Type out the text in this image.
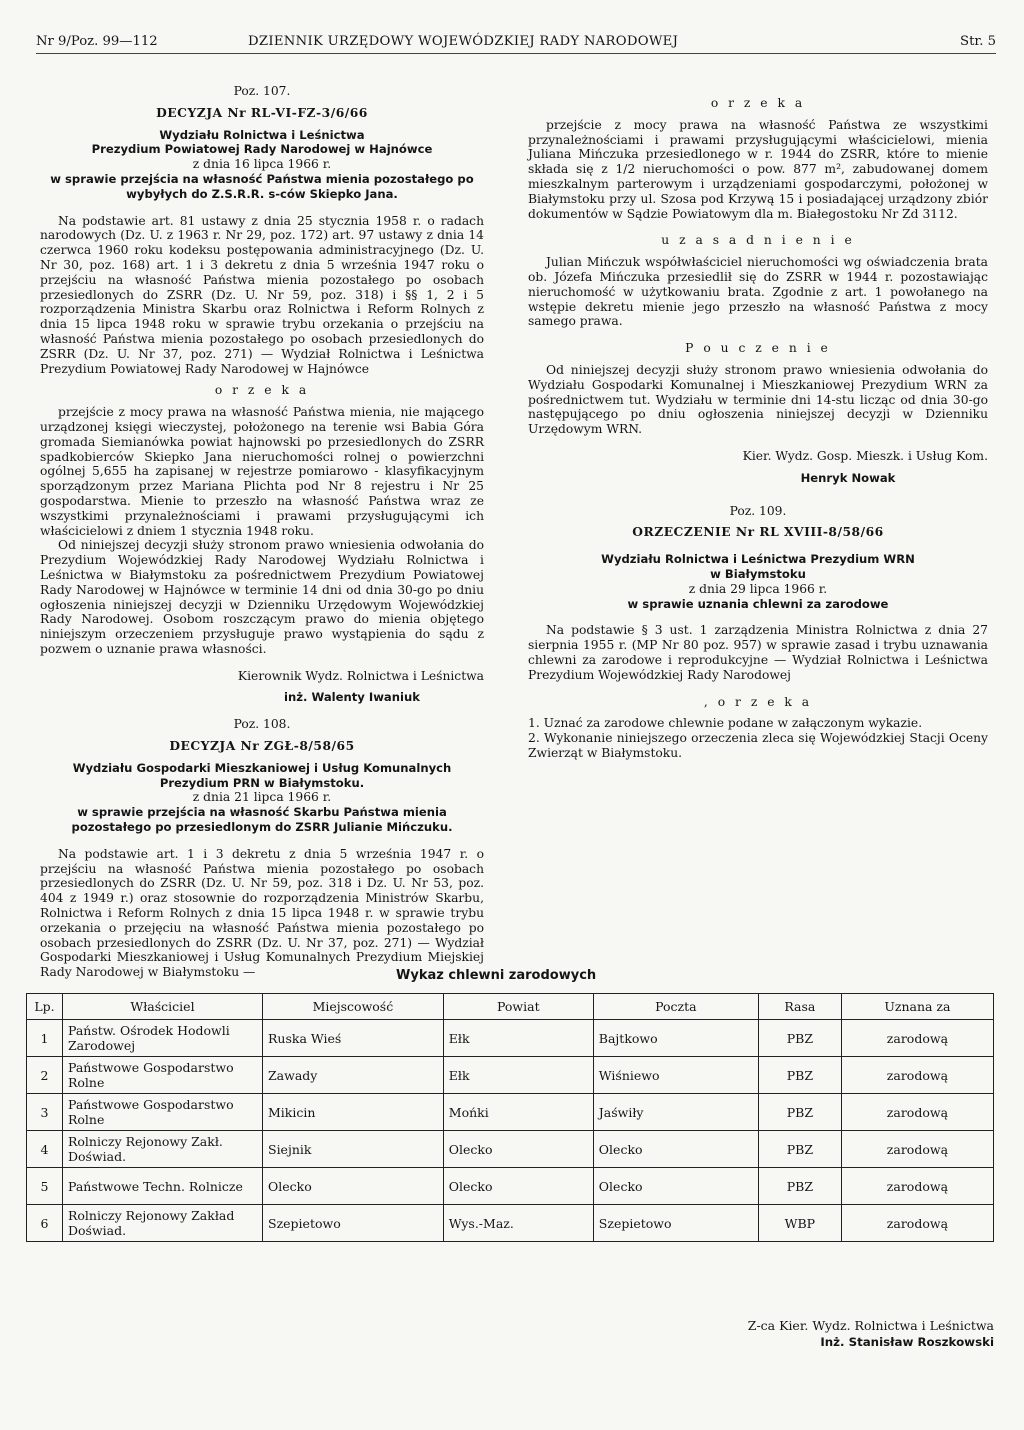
Nr 9/Poz. 99—112	DZIENNIK URZĘDOWY WOJEWÓDZKIEJ RADY NARODOWEJ	Str. 5

Poz. 107.

DECYZJA Nr RL-VI-FZ-3/6/66

Wydziału Rolnictwa i Leśnictwa

Prezydium Powiatowej Rady Narodowej w Hajnówce

z dnia 16 lipca 1966 r.

w sprawie przejścia na własność Państwa mienia pozostałego po wybyłych do Z.S.R.R. s-ców Skiepko Jana.

Na podstawie art. 81 ustawy z dnia 25 stycznia 1958 r. o radach narodowych (Dz. U. z 1963 r. Nr 29, poz. 172) art. 97 ustawy z dnia 14 czerwca 1960 roku kodeksu postępowania administracyjnego (Dz. U. Nr 30, poz. 168) art. 1 i 3 dekretu z dnia 5 września 1947 roku o przejściu na własność Państwa mienia pozostałego po osobach przesiedlonych do ZSRR (Dz. U. Nr 59, poz. 318) i §§ 1, 2 i 5 rozporządzenia Ministra Skarbu oraz Rolnictwa i Reform Rolnych z dnia 15 lipca 1948 roku w sprawie trybu orzekania o przejściu na własność Państwa mienia pozostałego po osobach przesiedlonych do ZSRR (Dz. U. Nr 37, poz. 271) — Wydział Rolnictwa i Leśnictwa Prezydium Powiatowej Rady Narodowej w Hajnówce

o r z e k a

przejście z mocy prawa na własność Państwa mienia, nie mającego urządzonej księgi wieczystej, położonego na terenie wsi Babia Góra gromada Siemianówka powiat hajnowski po przesiedlonych do ZSRR spadkobierców Skiepko Jana nieruchomości rolnej o powierzchni ogólnej 5,655 ha zapisanej w rejestrze pomiarowo - klasyfikacyjnym sporządzonym przez Mariana Plichta pod Nr 8 rejestru i Nr 25 gospodarstwa. Mienie to przeszło na własność Państwa wraz ze wszystkimi przynależnościami i prawami przysługującymi ich właścicielowi z dniem 1 stycznia 1948 roku.

Od niniejszej decyzji służy stronom prawo wniesienia odwołania do Prezydium Wojewódzkiej Rady Narodowej Wydziału Rolnictwa i Leśnictwa w Białymstoku za pośrednictwem Prezydium Powiatowej Rady Narodowej w Hajnówce w terminie 14 dni od dnia 30-go po dniu ogłoszenia niniejszej decyzji w Dzienniku Urzędowym Wojewódzkiej Rady Narodowej. Osobom roszczącym prawo do mienia objętego niniejszym orzeczeniem przysługuje prawo wystąpienia do sądu z pozwem o uznanie prawa własności.

Kierownik Wydz. Rolnictwa i Leśnictwa

inż. Walenty Iwaniuk

Poz. 108.

DECYZJA Nr ZGŁ-8/58/65

Wydziału Gospodarki Mieszkaniowej i Usług Komunalnych

Prezydium PRN w Białymstoku.

z dnia 21 lipca 1966 r.

w sprawie przejścia na własność Skarbu Państwa mienia pozostałego po przesiedlonym do ZSRR Julianie Mińczuku.

Na podstawie art. 1 i 3 dekretu z dnia 5 września 1947 r. o przejściu na własność Państwa mienia pozostałego po osobach przesiedlonych do ZSRR (Dz. U. Nr 59, poz. 318 i Dz. U. Nr 53, poz. 404 z 1949 r.) oraz stosownie do rozporządzenia Ministrów Skarbu, Rolnictwa i Reform Rolnych z dnia 15 lipca 1948 r. w sprawie trybu orzekania o przejęciu na własność Państwa mienia pozostałego po osobach przesiedlonych do ZSRR (Dz. U. Nr 37, poz. 271) — Wydział Gospodarki Mieszkaniowej i Usług Komunalnych Prezydium Miejskiej Rady Narodowej w Białymstoku —

o r z e k a

przejście z mocy prawa na własność Państwa ze wszystkimi przynależnościami i prawami przysługującymi właścicielowi, mienia Juliana Mińczuka przesiedlonego w r. 1944 do ZSRR, które to mienie składa się z 1/2 nieruchomości o pow. 877 m², zabudowanej domem mieszkalnym parterowym i urządzeniami gospodarczymi, położonej w Białymstoku przy ul. Szosa pod Krzywą 15 i posiadającej urządzony zbiór dokumentów w Sądzie Powiatowym dla m. Białegostoku Nr Zd 3112.

u z a s a d n i e n i e

Julian Mińczuk współwłaściciel nieruchomości wg oświadczenia brata ob. Józefa Mińczuka przesiedlił się do ZSRR w 1944 r. pozostawiając nieruchomość w użytkowaniu brata. Zgodnie z art. 1 powołanego na wstępie dekretu mienie jego przeszło na własność Państwa z mocy samego prawa.

P o u c z e n i e

Od niniejszej decyzji służy stronom prawo wniesienia odwołania do Wydziału Gospodarki Komunalnej i Mieszkaniowej Prezydium WRN za pośrednictwem tut. Wydziału w terminie dni 14-stu licząc od dnia 30-go następującego po dniu ogłoszenia niniejszej decyzji w Dzienniku Urzędowym WRN.

Kier. Wydz. Gosp. Mieszk. i Usług Kom.

Henryk Nowak

Poz. 109.

ORZECZENIE Nr RL XVIII-8/58/66

Wydziału Rolnictwa i Leśnictwa Prezydium WRN

w Białymstoku

z dnia 29 lipca 1966 r.

w sprawie uznania chlewni za zarodowe

Na podstawie § 3 ust. 1 zarządzenia Ministra Rolnictwa z dnia 27 sierpnia 1955 r. (MP Nr 80 poz. 957) w sprawie zasad i trybu uznawania chlewni za zarodowe i reprodukcyjne — Wydział Rolnictwa i Leśnictwa Prezydium Wojewódzkiej Rady Narodowej

, o r z e k a

1. Uznać za zarodowe chlewnie podane w załączonym wykazie.

2. Wykonanie niniejszego orzeczenia zleca się Wojewódzkiej Stacji Oceny Zwierząt w Białymstoku.

Wykaz chlewni zarodowych
Lp.	Właściciel	Miejscowość	Powiat	Poczta	Rasa	Uznana za
1	Państw. Ośrodek Hodowli Zarodowej	Ruska Wieś	Ełk	Bajtkowo	PBZ	zarodową
2	Państwowe Gospodarstwo Rolne	Zawady	Ełk	Wiśniewo	PBZ	zarodową
3	Państwowe Gospodarstwo Rolne	Mikicin	Mońki	Jaświły	PBZ	zarodową
4	Rolniczy Rejonowy Zakł. Doświad.	Siejnik	Olecko	Olecko	PBZ	zarodową
5	Państwowe Techn. Rolnicze	Olecko	Olecko	Olecko	PBZ	zarodową
6	Rolniczy Rejonowy Zakład Doświad.	Szepietowo	Wys.-Maz.	Szepietowo	WBP	zarodową

Z-ca Kier. Wydz. Rolnictwa i Leśnictwa

Inż. Stanisław Roszkowski
